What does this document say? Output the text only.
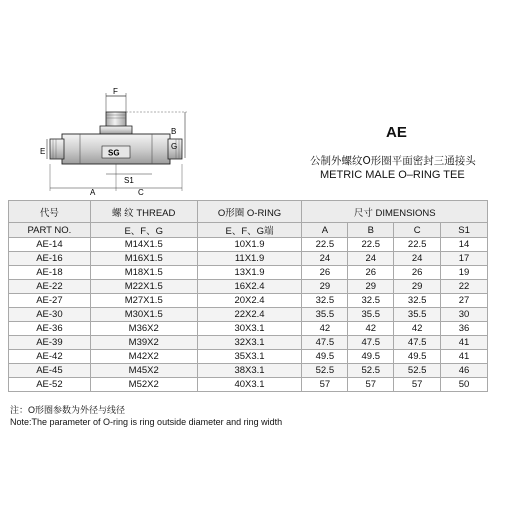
F
SG
B
G
E
S1
A	C
AE
公制外螺纹O形圈平面密封三通接头
METRIC MALE O–RING TEE
代号	螺 纹 THREAD	O形圈 O-RING	尺寸 DIMENSIONS			
PART NO.	E、F、G	E、F、G端	A	B	C	S1
AE-14	M14X1.5	10X1.9	22.5	22.5	22.5	14
AE-16	M16X1.5	11X1.9	24	24	24	17
AE-18	M18X1.5	13X1.9	26	26	26	19
AE-22	M22X1.5	16X2.4	29	29	29	22
AE-27	M27X1.5	20X2.4	32.5	32.5	32.5	27
AE-30	M30X1.5	22X2.4	35.5	35.5	35.5	30
AE-36	M36X2	30X3.1	42	42	42	36
AE-39	M39X2	32X3.1	47.5	47.5	47.5	41
AE-42	M42X2	35X3.1	49.5	49.5	49.5	41
AE-45	M45X2	38X3.1	52.5	52.5	52.5	46
AE-52	M52X2	40X3.1	57	57	57	50
注：O形圈参数为外径与线径
Note:The parameter of O-ring is ring outside diameter and ring width
